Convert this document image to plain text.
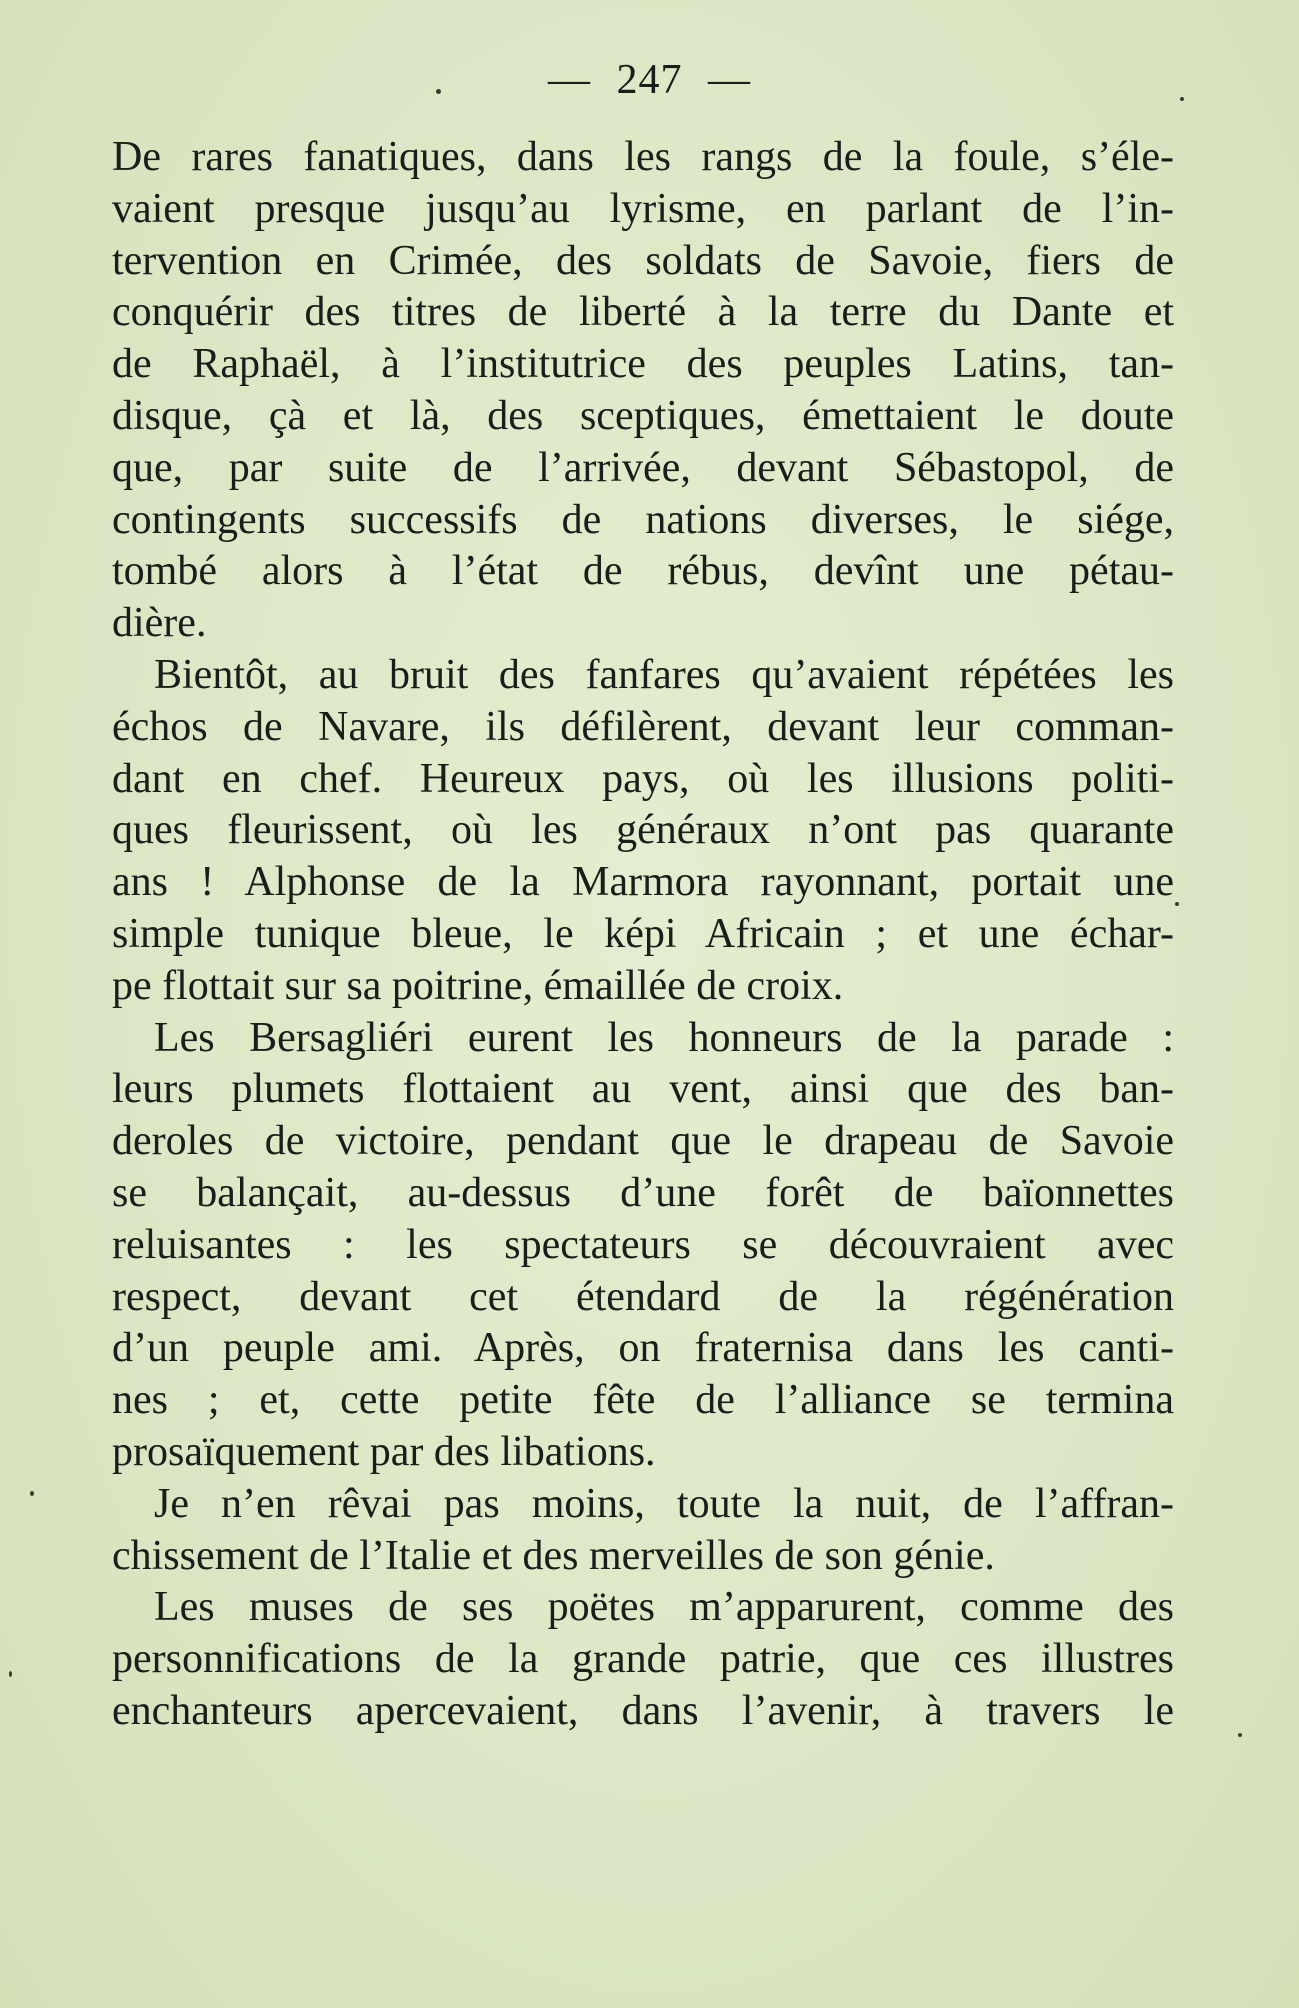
— 247 —
De rares fanatiques, dans les rangs de la foule, s’éle-
vaient presque jusqu’au lyrisme, en parlant de l’in-
tervention en Crimée, des soldats de Savoie, fiers de
conquérir des titres de liberté à la terre du Dante et
de Raphaël, à l’institutrice des peuples Latins, tan-
disque, çà et là, des sceptiques, émettaient le doute
que, par suite de l’arrivée, devant Sébastopol, de
contingents successifs de nations diverses, le siége,
tombé alors à l’état de rébus, devînt une pétau-
dière.
Bientôt, au bruit des fanfares qu’avaient répétées les
échos de Navare, ils défilèrent, devant leur comman-
dant en chef. Heureux pays, où les illusions politi-
ques fleurissent, où les généraux n’ont pas quarante
ans ! Alphonse de la Marmora rayonnant, portait une
simple tunique bleue, le képi Africain ; et une échar-
pe flottait sur sa poitrine, émaillée de croix.
Les Bersagliéri eurent les honneurs de la parade :
leurs plumets flottaient au vent, ainsi que des ban-
deroles de victoire, pendant que le drapeau de Savoie
se balançait, au-dessus d’une forêt de baïonnettes
reluisantes : les spectateurs se découvraient avec
respect, devant cet étendard de la régénération
d’un peuple ami. Après, on fraternisa dans les canti-
nes ; et, cette petite fête de l’alliance se termina
prosaïquement par des libations.
Je n’en rêvai pas moins, toute la nuit, de l’affran-
chissement de l’Italie et des merveilles de son génie.
Les muses de ses poëtes m’apparurent, comme des
personnifications de la grande patrie, que ces illustres
enchanteurs apercevaient, dans l’avenir, à travers le
